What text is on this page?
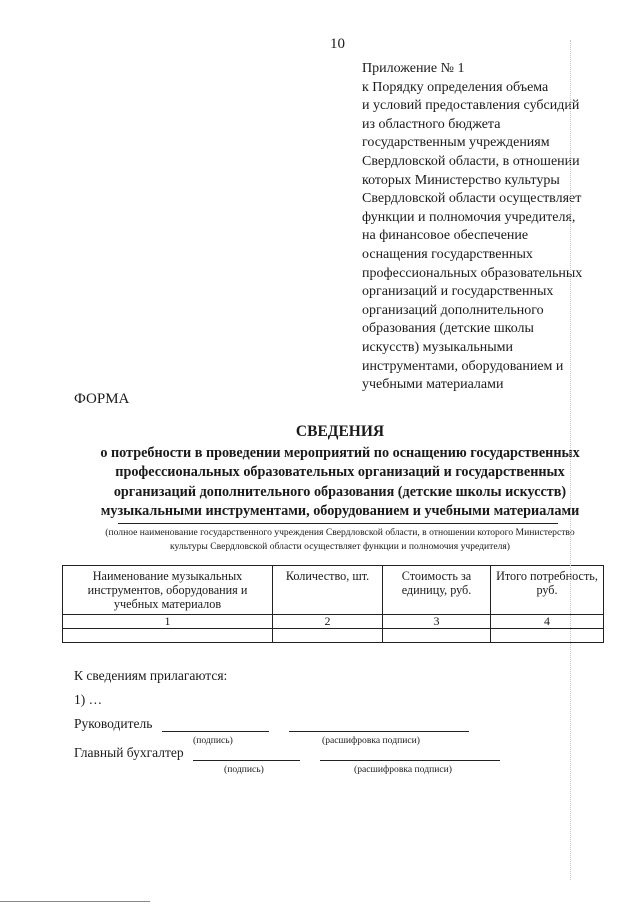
10
Приложение № 1
к Порядку определения объема
и условий предоставления субсидий
из областного бюджета
государственным учреждениям
Свердловской области, в отношении
которых Министерство культуры
Свердловской области осуществляет
функции и полномочия учредителя,
на финансовое обеспечение
оснащения государственных
профессиональных образовательных
организаций и государственных
организаций дополнительного
образования (детские школы
искусств) музыкальными
инструментами, оборудованием и
учебными материалами
ФОРМА
СВЕДЕНИЯ
о потребности в проведении мероприятий по оснащению государственных
профессиональных образовательных организаций и государственных
организаций дополнительного образования (детские школы искусств)
музыкальными инструментами, оборудованием и учебными материалами
(полное наименование государственного учреждения Свердловской области, в отношении которого Министерство
культуры Свердловской области осуществляет функции и полномочия учредителя)
Наименование музыкальных инструментов, оборудования и учебных материалов	Количество, шт.	Стоимость за единицу, руб.	Итого потребность, руб.
1	2	3	4

К сведениям прилагаются:
1) …
Руководитель
(подпись)	(расшифровка подписи)
Главный бухгалтер
(подпись)	(расшифровка подписи)
